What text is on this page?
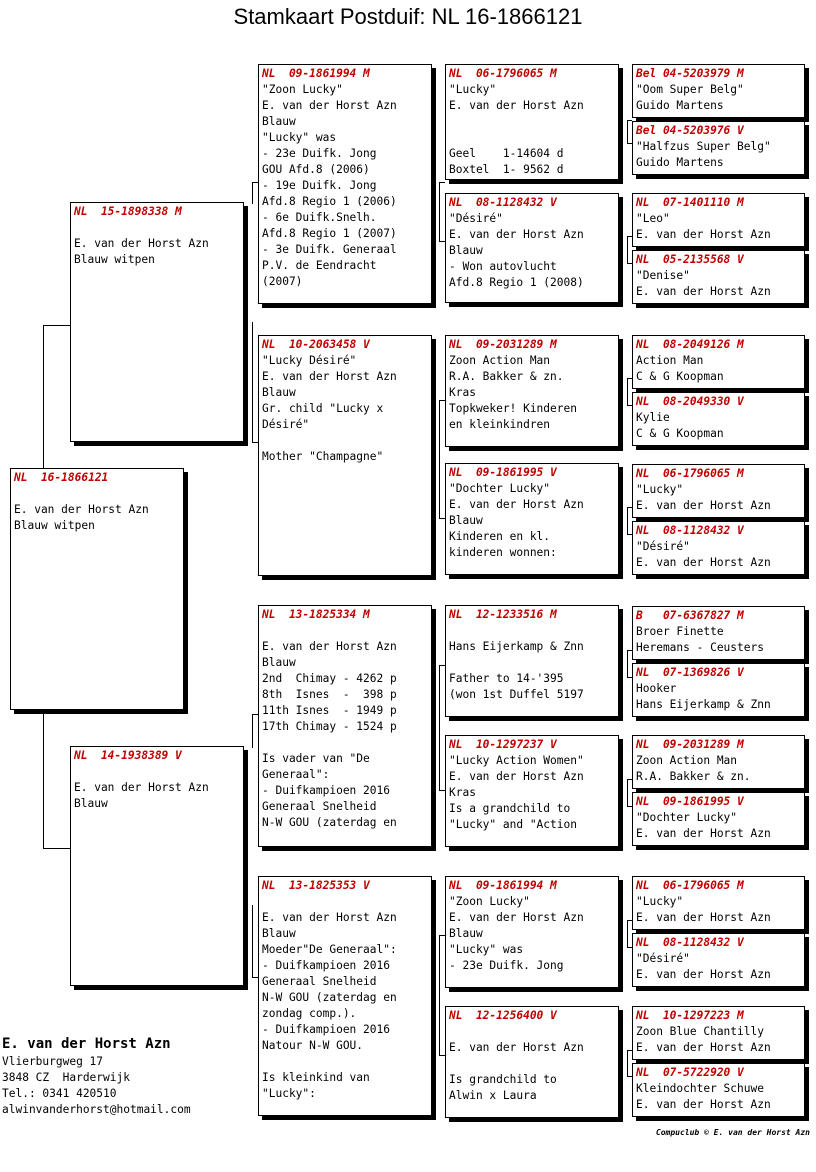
Stamkaart Postduif: NL 16-1866121
NL  16-1866121

E. van der Horst Azn
Blauw witpen
NL  15-1898338 M

E. van der Horst Azn
Blauw witpen
NL  14-1938389 V

E. van der Horst Azn
Blauw
NL  09-1861994 M
"Zoon Lucky"
E. van der Horst Azn
Blauw
"Lucky" was
- 23e Duifk. Jong
GOU Afd.8 (2006)
- 19e Duifk. Jong
Afd.8 Regio 1 (2006)
- 6e Duifk.Snelh.
Afd.8 Regio 1 (2007)
- 3e Duifk. Generaal
P.V. de Eendracht
(2007)
NL  10-2063458 V
"Lucky Désiré"
E. van der Horst Azn
Blauw
Gr. child "Lucky x
Désiré"

Mother "Champagne"
NL  13-1825334 M

E. van der Horst Azn
Blauw
2nd  Chimay - 4262 p
8th  Isnes  -  398 p
11th Isnes  - 1949 p
17th Chimay - 1524 p

Is vader van "De
Generaal":
- Duifkampioen 2016
Generaal Snelheid
N-W GOU (zaterdag en
NL  13-1825353 V

E. van der Horst Azn
Blauw
Moeder"De Generaal":
- Duifkampioen 2016
Generaal Snelheid
N-W GOU (zaterdag en
zondag comp.).
- Duifkampioen 2016
Natour N-W GOU.

Is kleinkind van
"Lucky":
NL  06-1796065 M
"Lucky"
E. van der Horst Azn

Geel    1-14604 d
Boxtel  1- 9562 d
NL  08-1128432 V
"Désiré"
E. van der Horst Azn
Blauw
- Won autovlucht
Afd.8 Regio 1 (2008)
NL  09-2031289 M
Zoon Action Man
R.A. Bakker & zn.
Kras
Topkweker! Kinderen
en kleinkindren
NL  09-1861995 V
"Dochter Lucky"
E. van der Horst Azn
Blauw
Kinderen en kl.
kinderen wonnen:
NL  12-1233516 M

Hans Eijerkamp & Znn

Father to 14-'395
(won 1st Duffel 5197
NL  10-1297237 V
"Lucky Action Women"
E. van der Horst Azn
Kras
Is a grandchild to
"Lucky" and "Action
NL  09-1861994 M
"Zoon Lucky"
E. van der Horst Azn
Blauw
"Lucky" was
- 23e Duifk. Jong
NL  12-1256400 V

E. van der Horst Azn

Is grandchild to
Alwin x Laura
Bel 04-5203979 M
"Oom Super Belg"
Guido Martens
Bel 04-5203976 V
"Halfzus Super Belg"
Guido Martens
NL  07-1401110 M
"Leo"
E. van der Horst Azn
NL  05-2135568 V
"Denise"
E. van der Horst Azn
NL  08-2049126 M
Action Man
C & G Koopman
NL  08-2049330 V
Kylie
C & G Koopman
NL  06-1796065 M
"Lucky"
E. van der Horst Azn
NL  08-1128432 V
"Désiré"
E. van der Horst Azn
B   07-6367827 M
Broer Finette
Heremans - Ceusters
NL  07-1369826 V
Hooker
Hans Eijerkamp & Znn
NL  09-2031289 M
Zoon Action Man
R.A. Bakker & zn.
NL  09-1861995 V
"Dochter Lucky"
E. van der Horst Azn
NL  06-1796065 M
"Lucky"
E. van der Horst Azn
NL  08-1128432 V
"Désiré"
E. van der Horst Azn
NL  10-1297223 M
Zoon Blue Chantilly
E. van der Horst Azn
NL  07-5722920 V
Kleindochter Schuwe
E. van der Horst Azn
E. van der Horst Azn
Vlierburgweg 17
3848 CZ  Harderwijk
Tel.: 0341 420510
alwinvanderhorst@hotmail.com
Compuclub © E. van der Horst Azn
